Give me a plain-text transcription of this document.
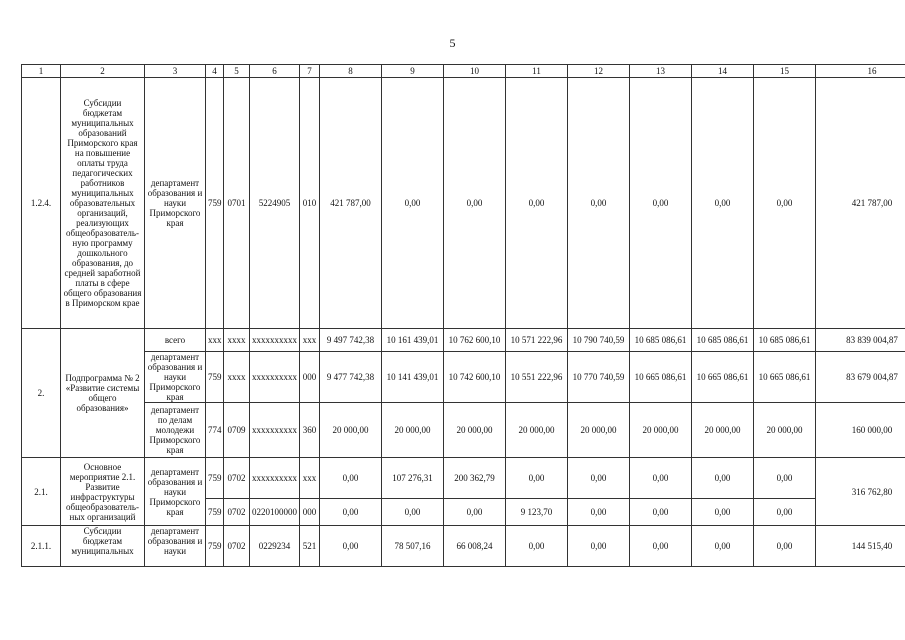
5
1	2	3	4	5	6	7	8	9	10	11	12	13	14	15	16
1.2.4.	Субсидии бюджетам муниципальных образований Приморского края на повышение оплаты труда педагогических работников муниципальных образовательных организаций, реализующих общеобразователь-ную программу дошкольного образования, до средней заработной платы в сфере общего образования в Приморском крае	департамент образования и науки Приморского края	759	0701	5224905	010	421 787,00	0,00	0,00	0,00	0,00	0,00	0,00	0,00	421 787,00
2.	Подпрограмма № 2 «Развитие системы общего образования»	всего	xxx	xxxx	xxxxxxxxxx	xxx	9 497 742,38	10 161 439,01	10 762 600,10	10 571 222,96	10 790 740,59	10 685 086,61	10 685 086,61	10 685 086,61	83 839 004,87
		департамент образования и науки Приморского края	759	xxxx	xxxxxxxxxx	000	9 477 742,38	10 141 439,01	10 742 600,10	10 551 222,96	10 770 740,59	10 665 086,61	10 665 086,61	10 665 086,61	83 679 004,87
		департамент по делам молодежи Приморского края	774	0709	xxxxxxxxxx	360	20 000,00	20 000,00	20 000,00	20 000,00	20 000,00	20 000,00	20 000,00	20 000,00	160 000,00
2.1.	Основное мероприятие 2.1. Развитие инфраструктуры общеобразователь-ных организаций	департамент образования и науки Приморского края	759	0702	xxxxxxxxxx	xxx	0,00	107 276,31	200 362,79	0,00	0,00	0,00	0,00	0,00	316 762,80
			759	0702	0220100000	000	0,00	0,00	0,00	9 123,70	0,00	0,00	0,00	0,00	
2.1.1.	Субсидии бюджетам муниципальных	департамент образования и науки	759	0702	0229234	521	0,00	78 507,16	66 008,24	0,00	0,00	0,00	0,00	0,00	144 515,40
